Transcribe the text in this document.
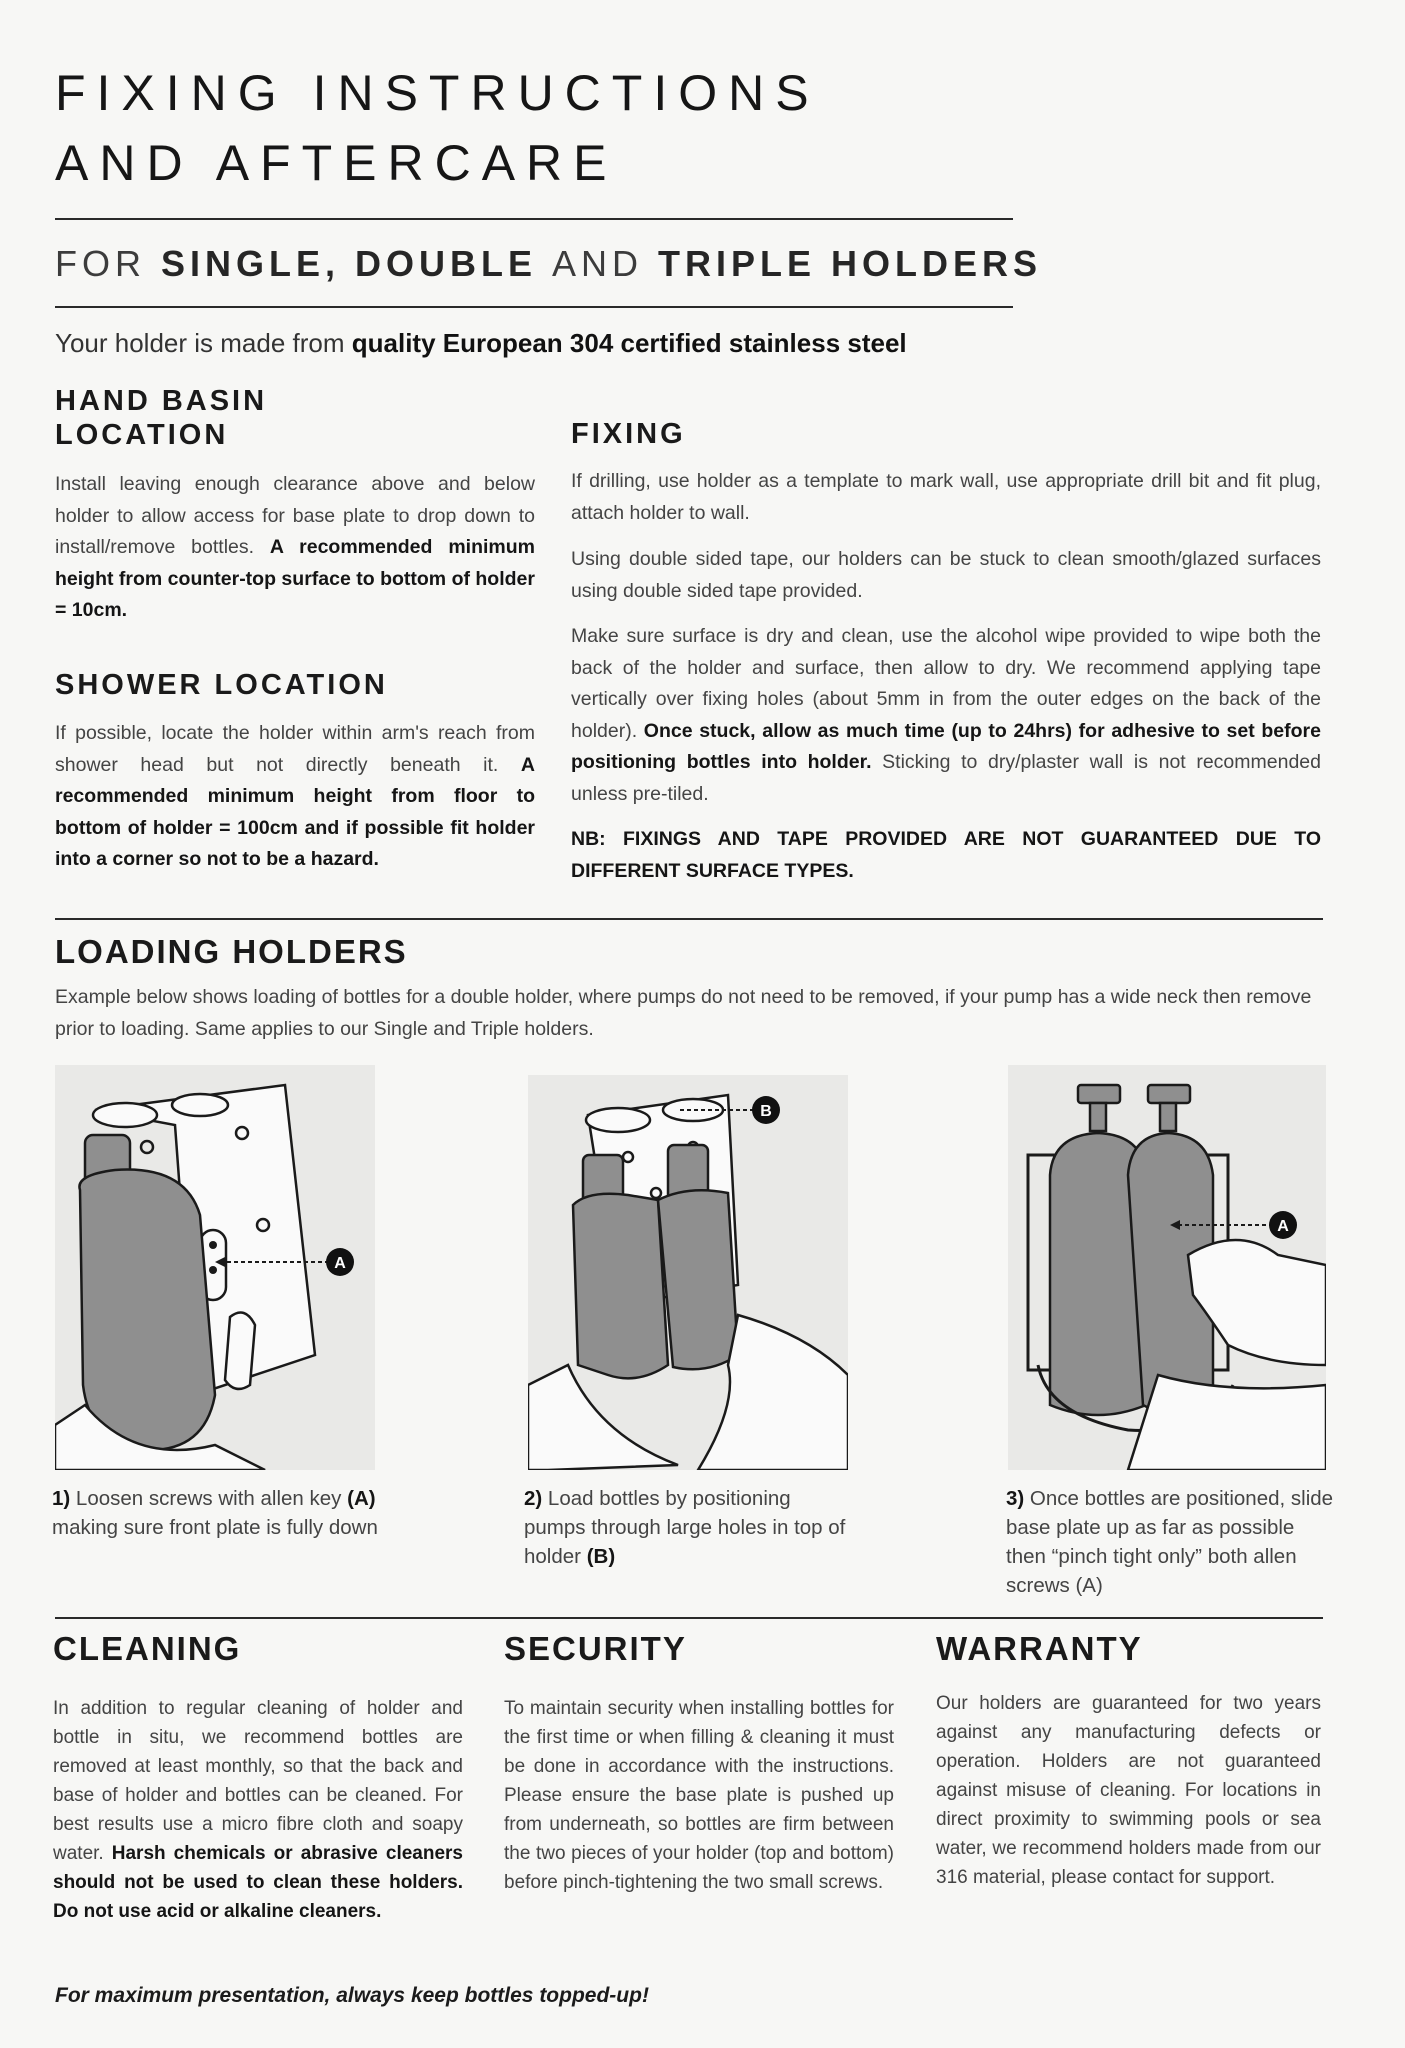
FIXING INSTRUCTIONS
AND AFTERCARE
FOR SINGLE, DOUBLE AND TRIPLE HOLDERS
Your holder is made from quality European 304 certified stainless steel
HAND BASIN
LOCATION

Install leaving enough clearance above and below holder to allow access for base plate to drop down to install/remove bottles. A recommended minimum height from counter-top surface to bottom of holder = 10cm.

SHOWER LOCATION

If possible, locate the holder within arm's reach from shower head but not directly beneath it. A recommended minimum height from floor to bottom of holder = 100cm and if possible fit holder into a corner so not to be a hazard.

FIXING

If drilling, use holder as a template to mark wall, use appropriate drill bit and fit plug, attach holder to wall.

Using double sided tape, our holders can be stuck to clean smooth/glazed surfaces using double sided tape provided.

Make sure surface is dry and clean, use the alcohol wipe provided to wipe both the back of the holder and surface, then allow to dry. We recommend applying tape vertically over fixing holes (about 5mm in from the outer edges on the back of the holder). Once stuck, allow as much time (up to 24hrs) for adhesive to set before positioning bottles into holder. Sticking to dry/plaster wall is not recommended unless pre-tiled.

NB: FIXINGS AND TAPE PROVIDED ARE NOT GUARANTEED DUE TO DIFFERENT SURFACE TYPES.

LOADING HOLDERS

Example below shows loading of bottles for a double holder, where pumps do not need to be removed, if your pump has a wide neck then remove prior to loading. Same applies to our Single and Triple holders.

A
B
A

1) Loosen screws with allen key (A) making sure front plate is fully down

2) Load bottles by positioning pumps through large holes in top of holder (B)

3) Once bottles are positioned, slide base plate up as far as possible then “pinch tight only” both allen screws (A)

CLEANING

In addition to regular cleaning of holder and bottle in situ, we recommend bottles are removed at least monthly, so that the back and base of holder and bottles can be cleaned. For best results use a micro fibre cloth and soapy water. Harsh chemicals or abrasive cleaners should not be used to clean these holders. Do not use acid or alkaline cleaners.

SECURITY

To maintain security when installing bottles for the first time or when filling & cleaning it must be done in accordance with the instructions. Please ensure the base plate is pushed up from underneath, so bottles are firm between the two pieces of your holder (top and bottom) before pinch-tightening the two small screws.

WARRANTY

Our holders are guaranteed for two years against any manufacturing defects or operation. Holders are not guaranteed against misuse of cleaning. For locations in direct proximity to swimming pools or sea water, we recommend holders made from our 316 material, please contact for support.

For maximum presentation, always keep bottles topped-up!
